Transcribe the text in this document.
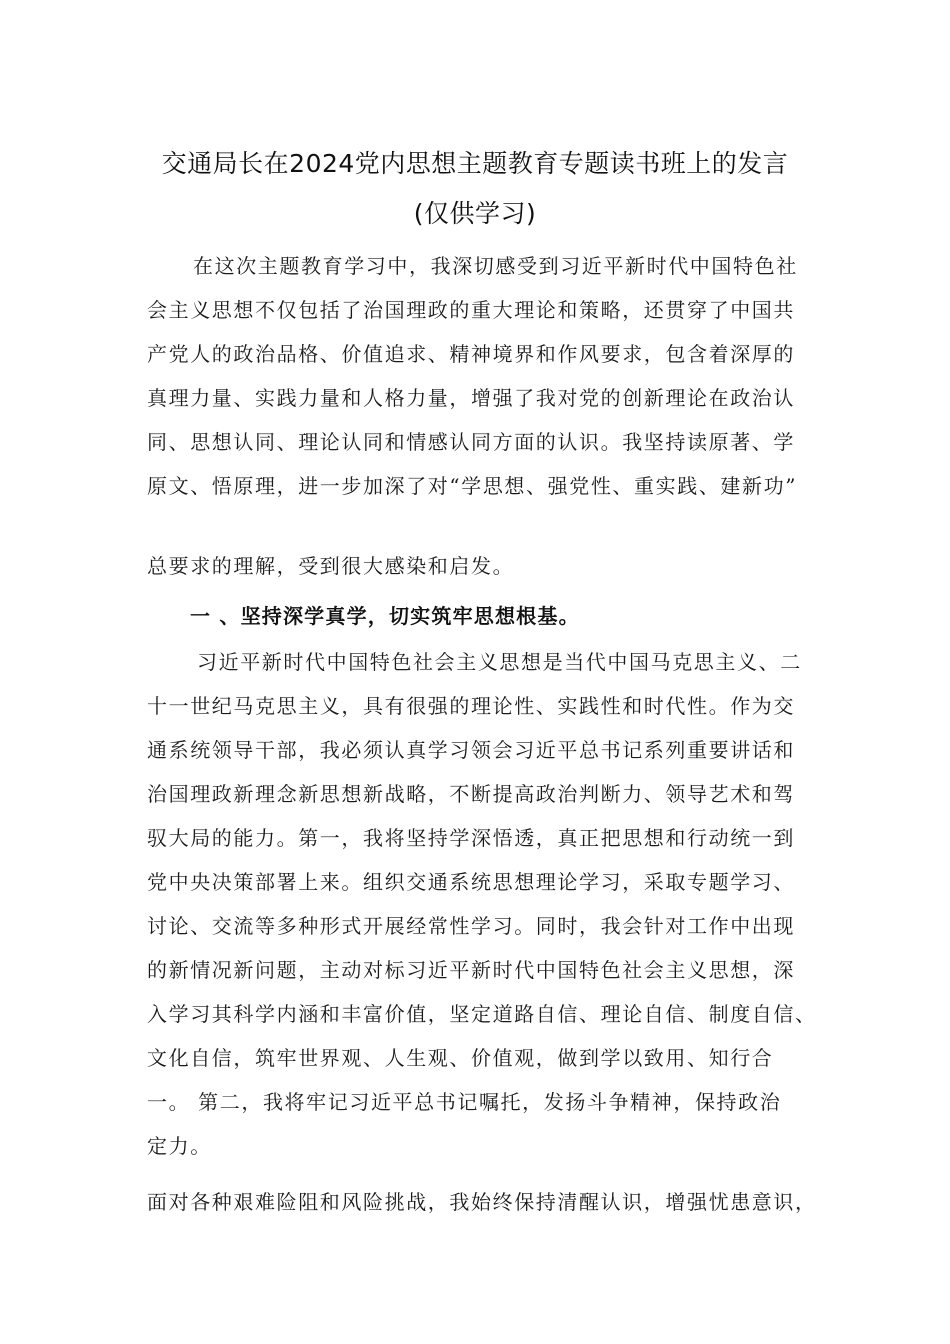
交通局长在2024党内思想主题教育专题读书班上的发言
(仅供学习)
在这次主题教育学习中，我深切感受到习近平新时代中国特色社
会主义思想不仅包括了治国理政的重大理论和策略，还贯穿了中国共
产党人的政治品格、价值追求、精神境界和作风要求，包含着深厚的
真理力量、实践力量和人格力量，增强了我对党的创新理论在政治认
同、思想认同、理论认同和情感认同方面的认识。我坚持读原著、学
原文、悟原理，进一步加深了对“学思想、强党性、重实践、建新功”
总要求的理解，受到很大感染和启发。
一 、坚持深学真学，切实筑牢思想根基。
习近平新时代中国特色社会主义思想是当代中国马克思主义、二
十一世纪马克思主义，具有很强的理论性、实践性和时代性。作为交
通系统领导干部，我必须认真学习领会习近平总书记系列重要讲话和
治国理政新理念新思想新战略，不断提高政治判断力、领导艺术和驾
驭大局的能力。第一，我将坚持学深悟透，真正把思想和行动统一到
党中央决策部署上来。组织交通系统思想理论学习，采取专题学习、
讨论、交流等多种形式开展经常性学习。同时，我会针对工作中出现
的新情况新问题，主动对标习近平新时代中国特色社会主义思想，深
入学习其科学内涵和丰富价值，坚定道路自信、理论自信、制度自信、
文化自信，筑牢世界观、人生观、价值观，做到学以致用、知行合
一。 第二，我将牢记习近平总书记嘱托，发扬斗争精神，保持政治
定力。
面对各种艰难险阻和风险挑战，我始终保持清醒认识，增强忧患意识，
